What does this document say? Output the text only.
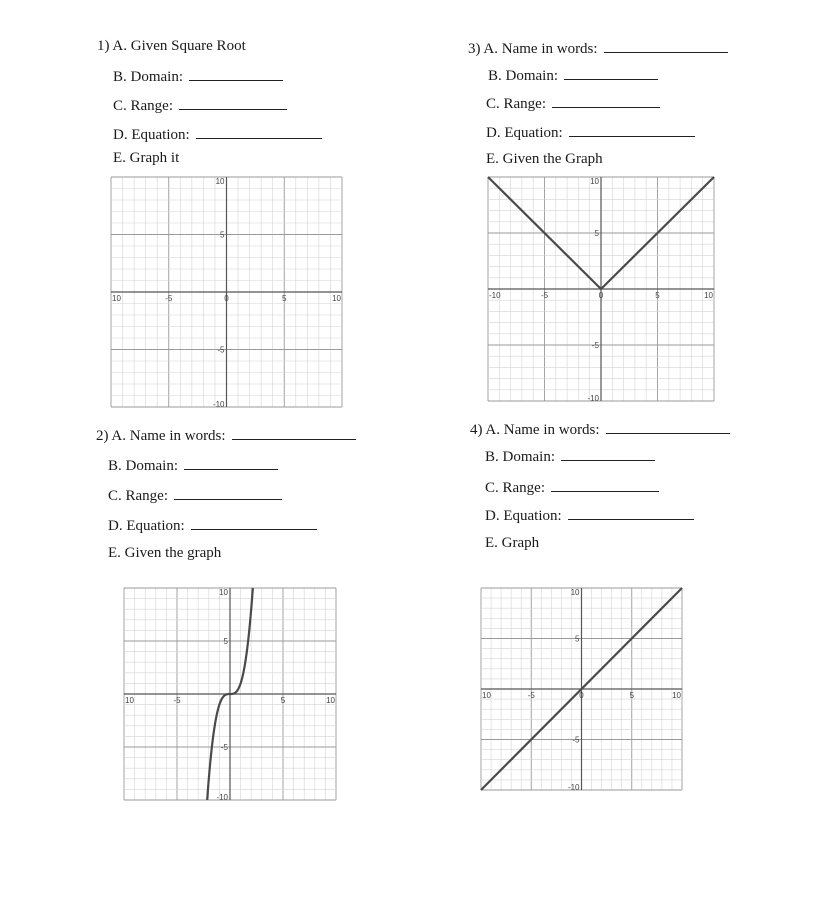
1) A. Given Square Root
B. Domain:
C. Range:
D. Equation:
E. Graph it
3) A. Name in words:
B. Domain:
C. Range:
D. Equation:
E. Given the Graph
2) A. Name in words:
B. Domain:
C. Range:
D. Equation:
E. Given the graph
4) A. Name in words:
B. Domain:
C. Range:
D. Equation:
E. Graph
10	-5	0	5	10
10
5
-5
-10
-10	-5	0	5	10
10
5
-5
-10
10	-5	5	10
10
5
-5
-10
10	-5	0	5	10
10
5
-5
-10
